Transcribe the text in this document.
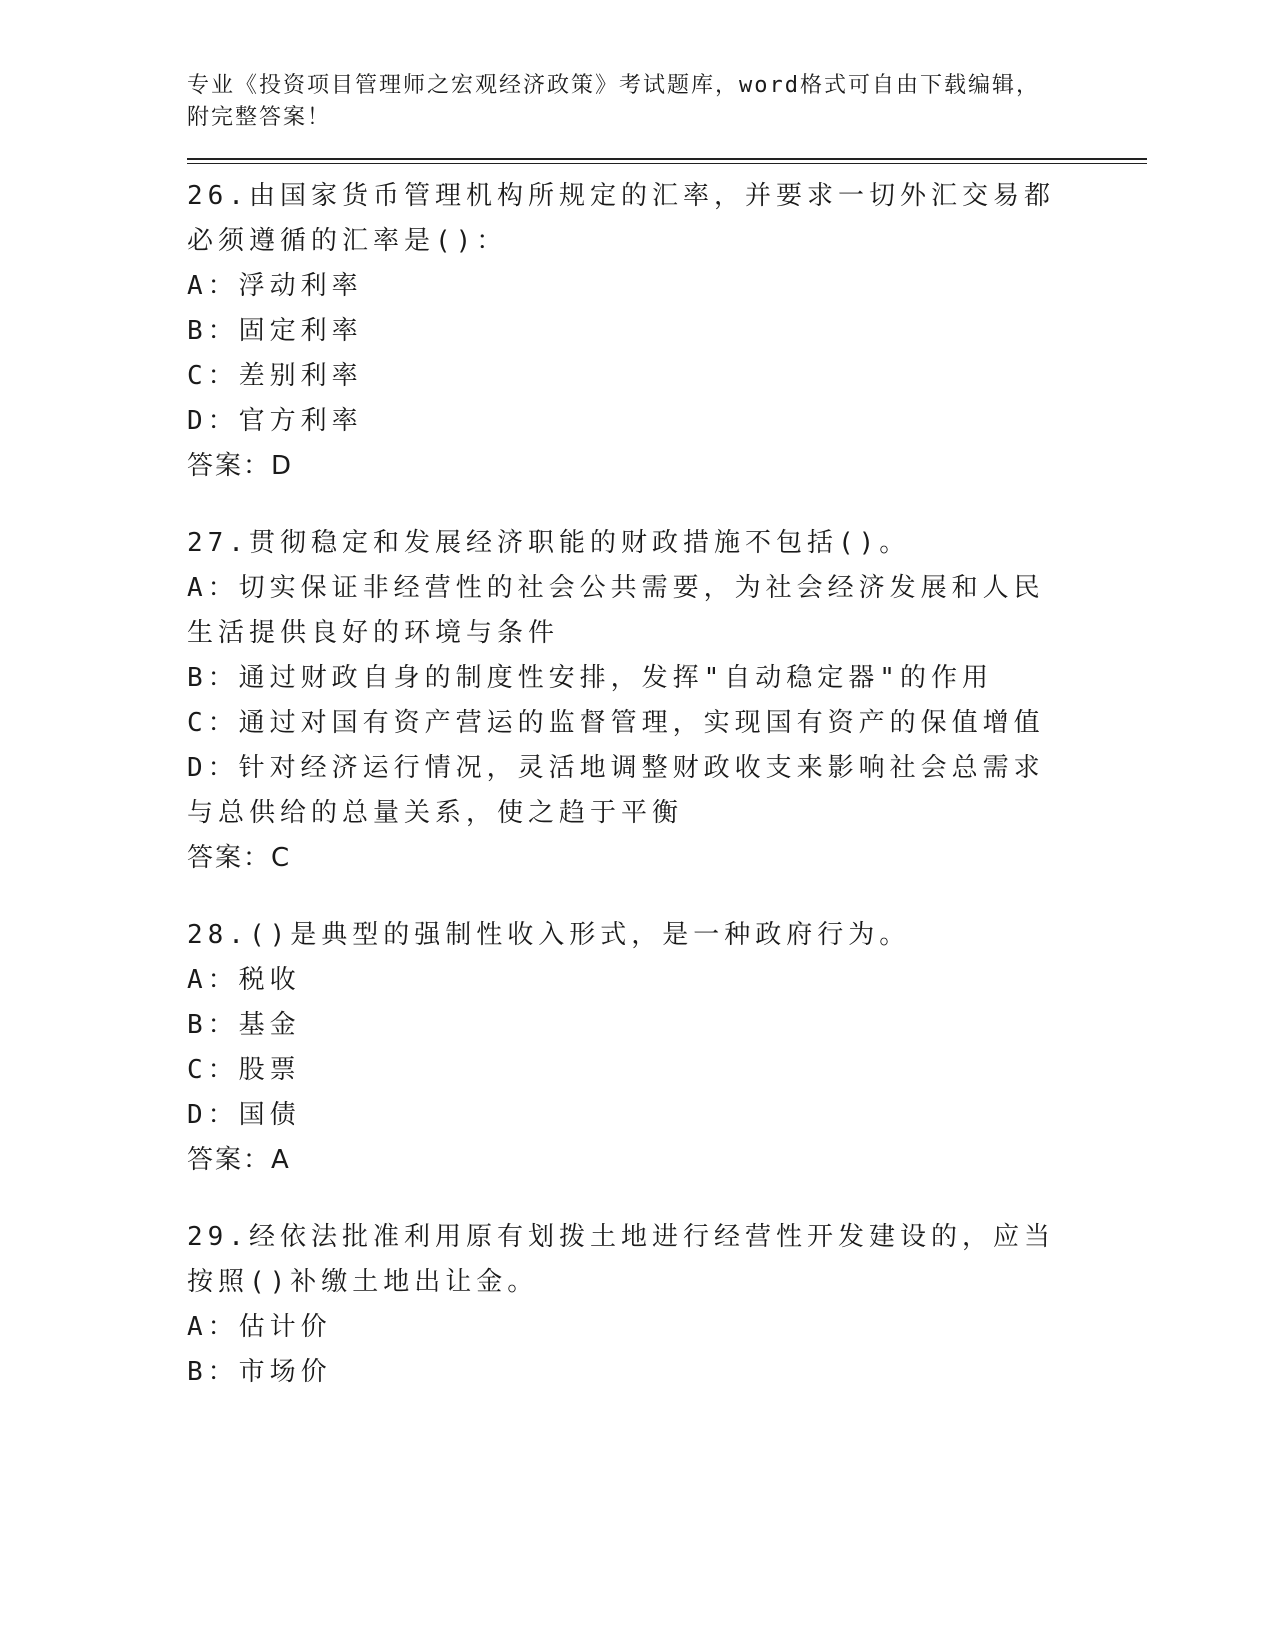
专业《投资项目管理师之宏观经济政策》考试题库，word格式可自由下载编辑，附完整答案！
26.由国家货币管理机构所规定的汇率，并要求一切外汇交易都必须遵循的汇率是()：
A：浮动利率
B：固定利率
C：差别利率
D：官方利率
答案：D
27.贯彻稳定和发展经济职能的财政措施不包括()。
A：切实保证非经营性的社会公共需要，为社会经济发展和人民生活提供良好的环境与条件
B：通过财政自身的制度性安排，发挥"自动稳定器"的作用
C：通过对国有资产营运的监督管理，实现国有资产的保值增值
D：针对经济运行情况，灵活地调整财政收支来影响社会总需求与总供给的总量关系，使之趋于平衡
答案：C
28.()是典型的强制性收入形式，是一种政府行为。
A：税收
B：基金
C：股票
D：国债
答案：A
29.经依法批准利用原有划拨土地进行经营性开发建设的，应当按照()补缴土地出让金。
A：估计价
B：市场价
